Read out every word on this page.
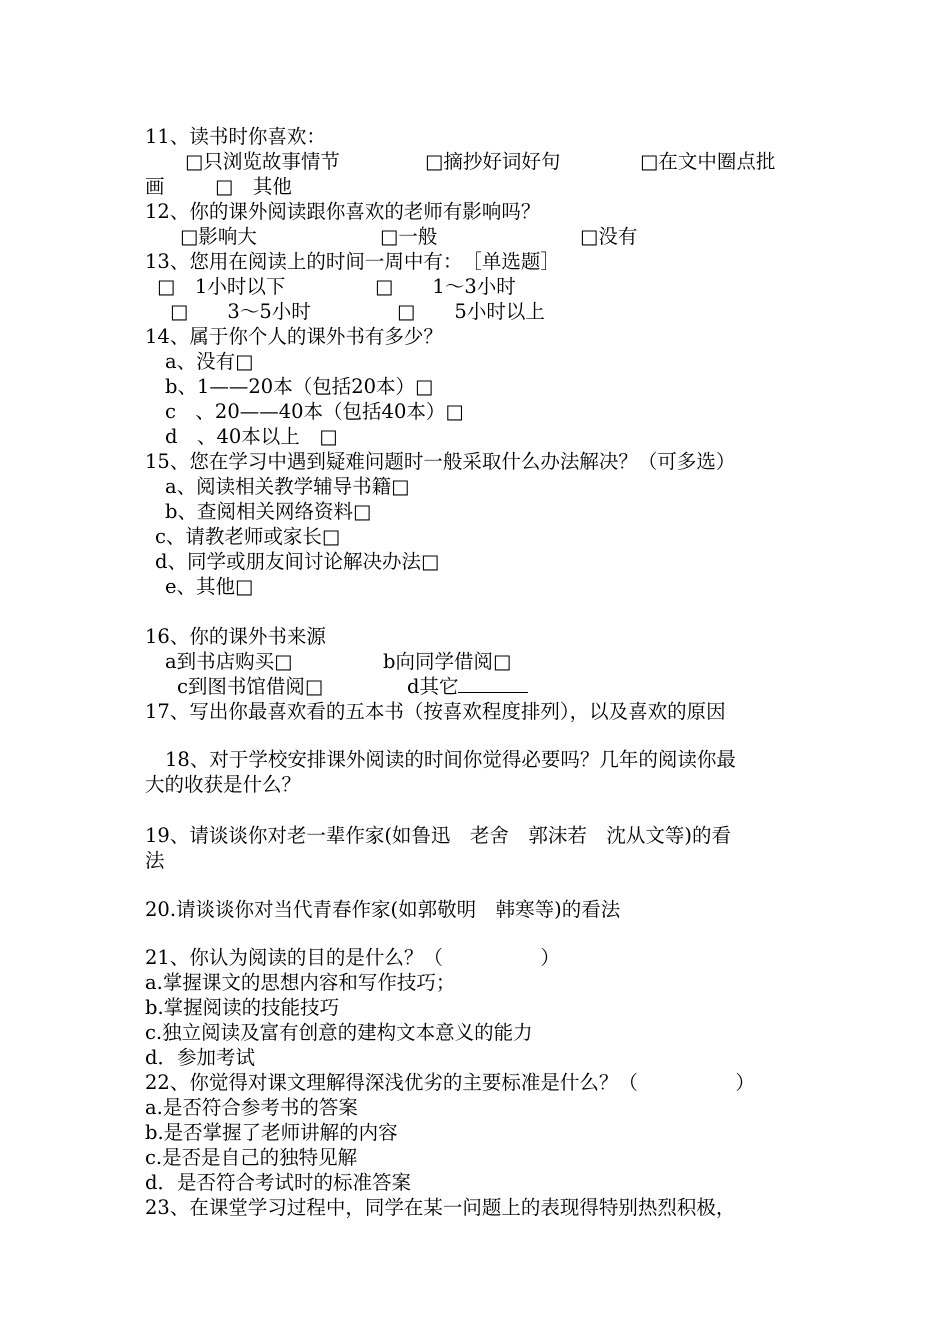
11、读书时你喜欢：

□只浏览故事情节

	□摘抄好词好句

	□在文中圈点批

画

	□　其他

12、你的课外阅读跟你喜欢的老师有影响吗？

□影响大

	□一般

	□没有

13、您用在阅读上的时间一周中有：　［单选题］

□　1小时以下

	□　　1～3小时

□　　3～5小时

	□　　5小时以上

14、属于你个人的课外书有多少？
a、没有□
b、1——20本（包括20本）□
c　、20——40本（包括40本）□
d　、40本以上　□
15、您在学习中遇到疑难问题时一般采取什么办法解决？（可多选）
a、阅读相关教学辅导书籍□
b、查阅相关网络资料□
c、请教老师或家长□
d、同学或朋友间讨论解决办法□
e、其他□
16、你的课外书来源

a到书店购买□

	b向同学借阅□

c到图书馆借阅□

	d其它

17、写出你最喜欢看的五本书（按喜欢程度排列），以及喜欢的原因
18、对于学校安排课外阅读的时间你觉得必要吗？几年的阅读你最
大的收获是什么？
19、请谈谈你对老一辈作家(如鲁迅　老舍　郭沫若　沈从文等)的看
法
20.请谈谈你对当代青春作家(如郭敬明　韩寒等)的看法
21、你认为阅读的目的是什么？（　　　　　）
a.掌握课文的思想内容和写作技巧；
b.掌握阅读的技能技巧
c.独立阅读及富有创意的建构文本意义的能力
d．参加考试
22、你觉得对课文理解得深浅优劣的主要标准是什么？（　　　　　）
a.是否符合参考书的答案
b.是否掌握了老师讲解的内容
c.是否是自己的独特见解
d．是否符合考试时的标准答案
23、在课堂学习过程中，同学在某一问题上的表现得特别热烈积极，
